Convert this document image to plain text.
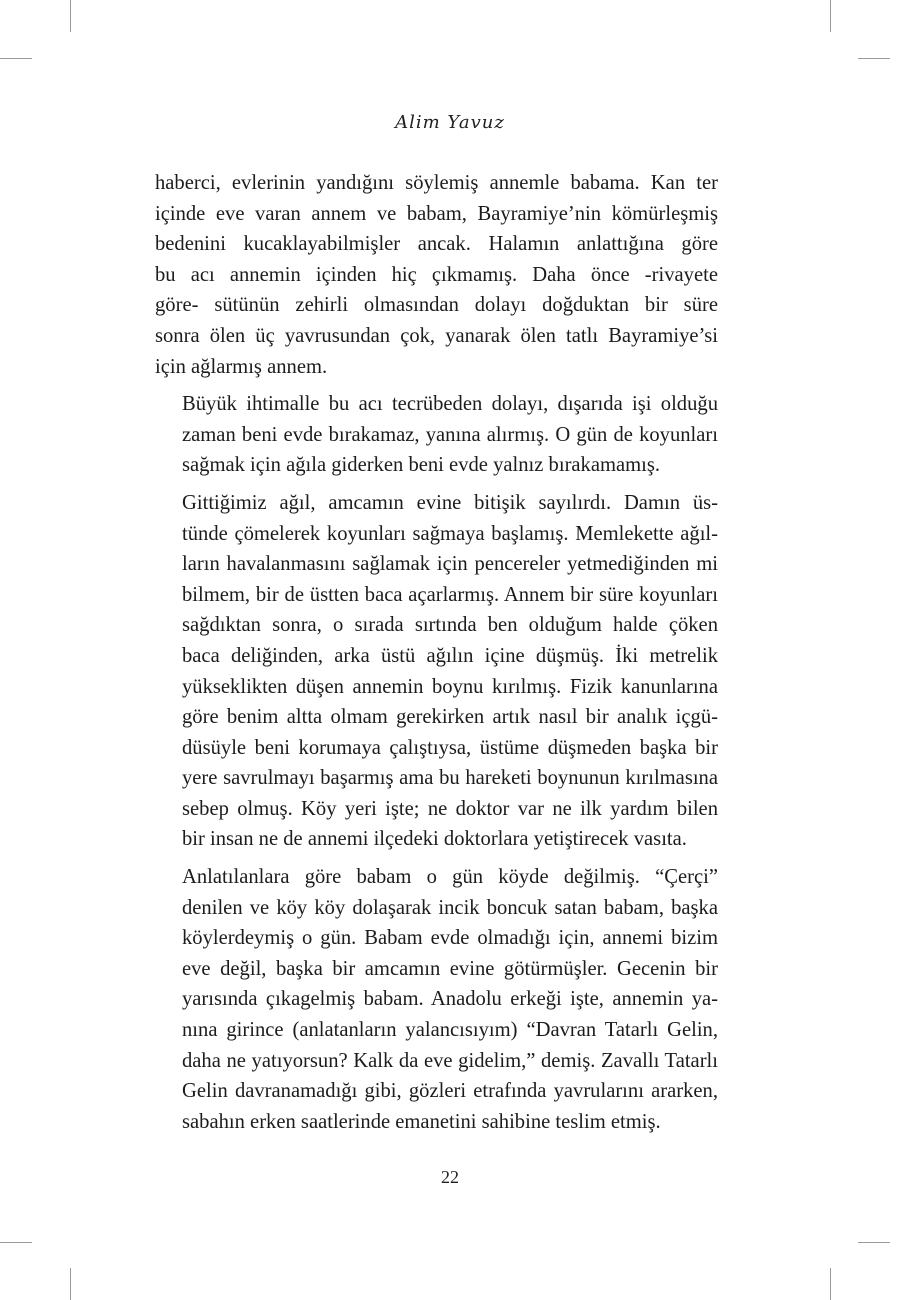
Alim Yavuz
haberci, evlerinin yandığını söylemiş annemle babama. Kan ter
içinde eve varan annem ve babam, Bayramiye’nin kömürleşmiş
bedenini kucaklayabilmişler ancak. Halamın anlattığına göre
bu acı annemin içinden hiç çıkmamış. Daha önce -rivayete
göre- sütünün zehirli olmasından dolayı doğduktan bir süre
sonra ölen üç yavrusundan çok, yanarak ölen tatlı Bayramiye’si
için ağlarmış annem.
Büyük ihtimalle bu acı tecrübeden dolayı, dışarıda işi olduğu
zaman beni evde bırakamaz, yanına alırmış. O gün de koyunları
sağmak için ağıla giderken beni evde yalnız bırakamamış.
Gittiğimiz ağıl, amcamın evine bitişik sayılırdı. Damın üs-
tünde çömelerek koyunları sağmaya başlamış. Memlekette ağıl-
ların havalanmasını sağlamak için pencereler yetmediğinden mi
bilmem, bir de üstten baca açarlarmış. Annem bir süre koyunları
sağdıktan sonra, o sırada sırtında ben olduğum halde çöken
baca deliğinden, arka üstü ağılın içine düşmüş. İki metrelik
yükseklikten düşen annemin boynu kırılmış. Fizik kanunlarına
göre benim altta olmam gerekirken artık nasıl bir analık içgü-
düsüyle beni korumaya çalıştıysa, üstüme düşmeden başka bir
yere savrulmayı başarmış ama bu hareketi boynunun kırılmasına
sebep olmuş. Köy yeri işte; ne doktor var ne ilk yardım bilen
bir insan ne de annemi ilçedeki doktorlara yetiştirecek vasıta.
Anlatılanlara göre babam o gün köyde değilmiş. “Çerçi”
denilen ve köy köy dolaşarak incik boncuk satan babam, başka
köylerdeymiş o gün. Babam evde olmadığı için, annemi bizim
eve değil, başka bir amcamın evine götürmüşler. Gecenin bir
yarısında çıkagelmiş babam. Anadolu erkeği işte, annemin ya-
nına girince (anlatanların yalancısıyım) “Davran Tatarlı Gelin,
daha ne yatıyorsun? Kalk da eve gidelim,” demiş. Zavallı Tatarlı
Gelin davranamadığı gibi, gözleri etrafında yavrularını ararken,
sabahın erken saatlerinde emanetini sahibine teslim etmiş.
22
